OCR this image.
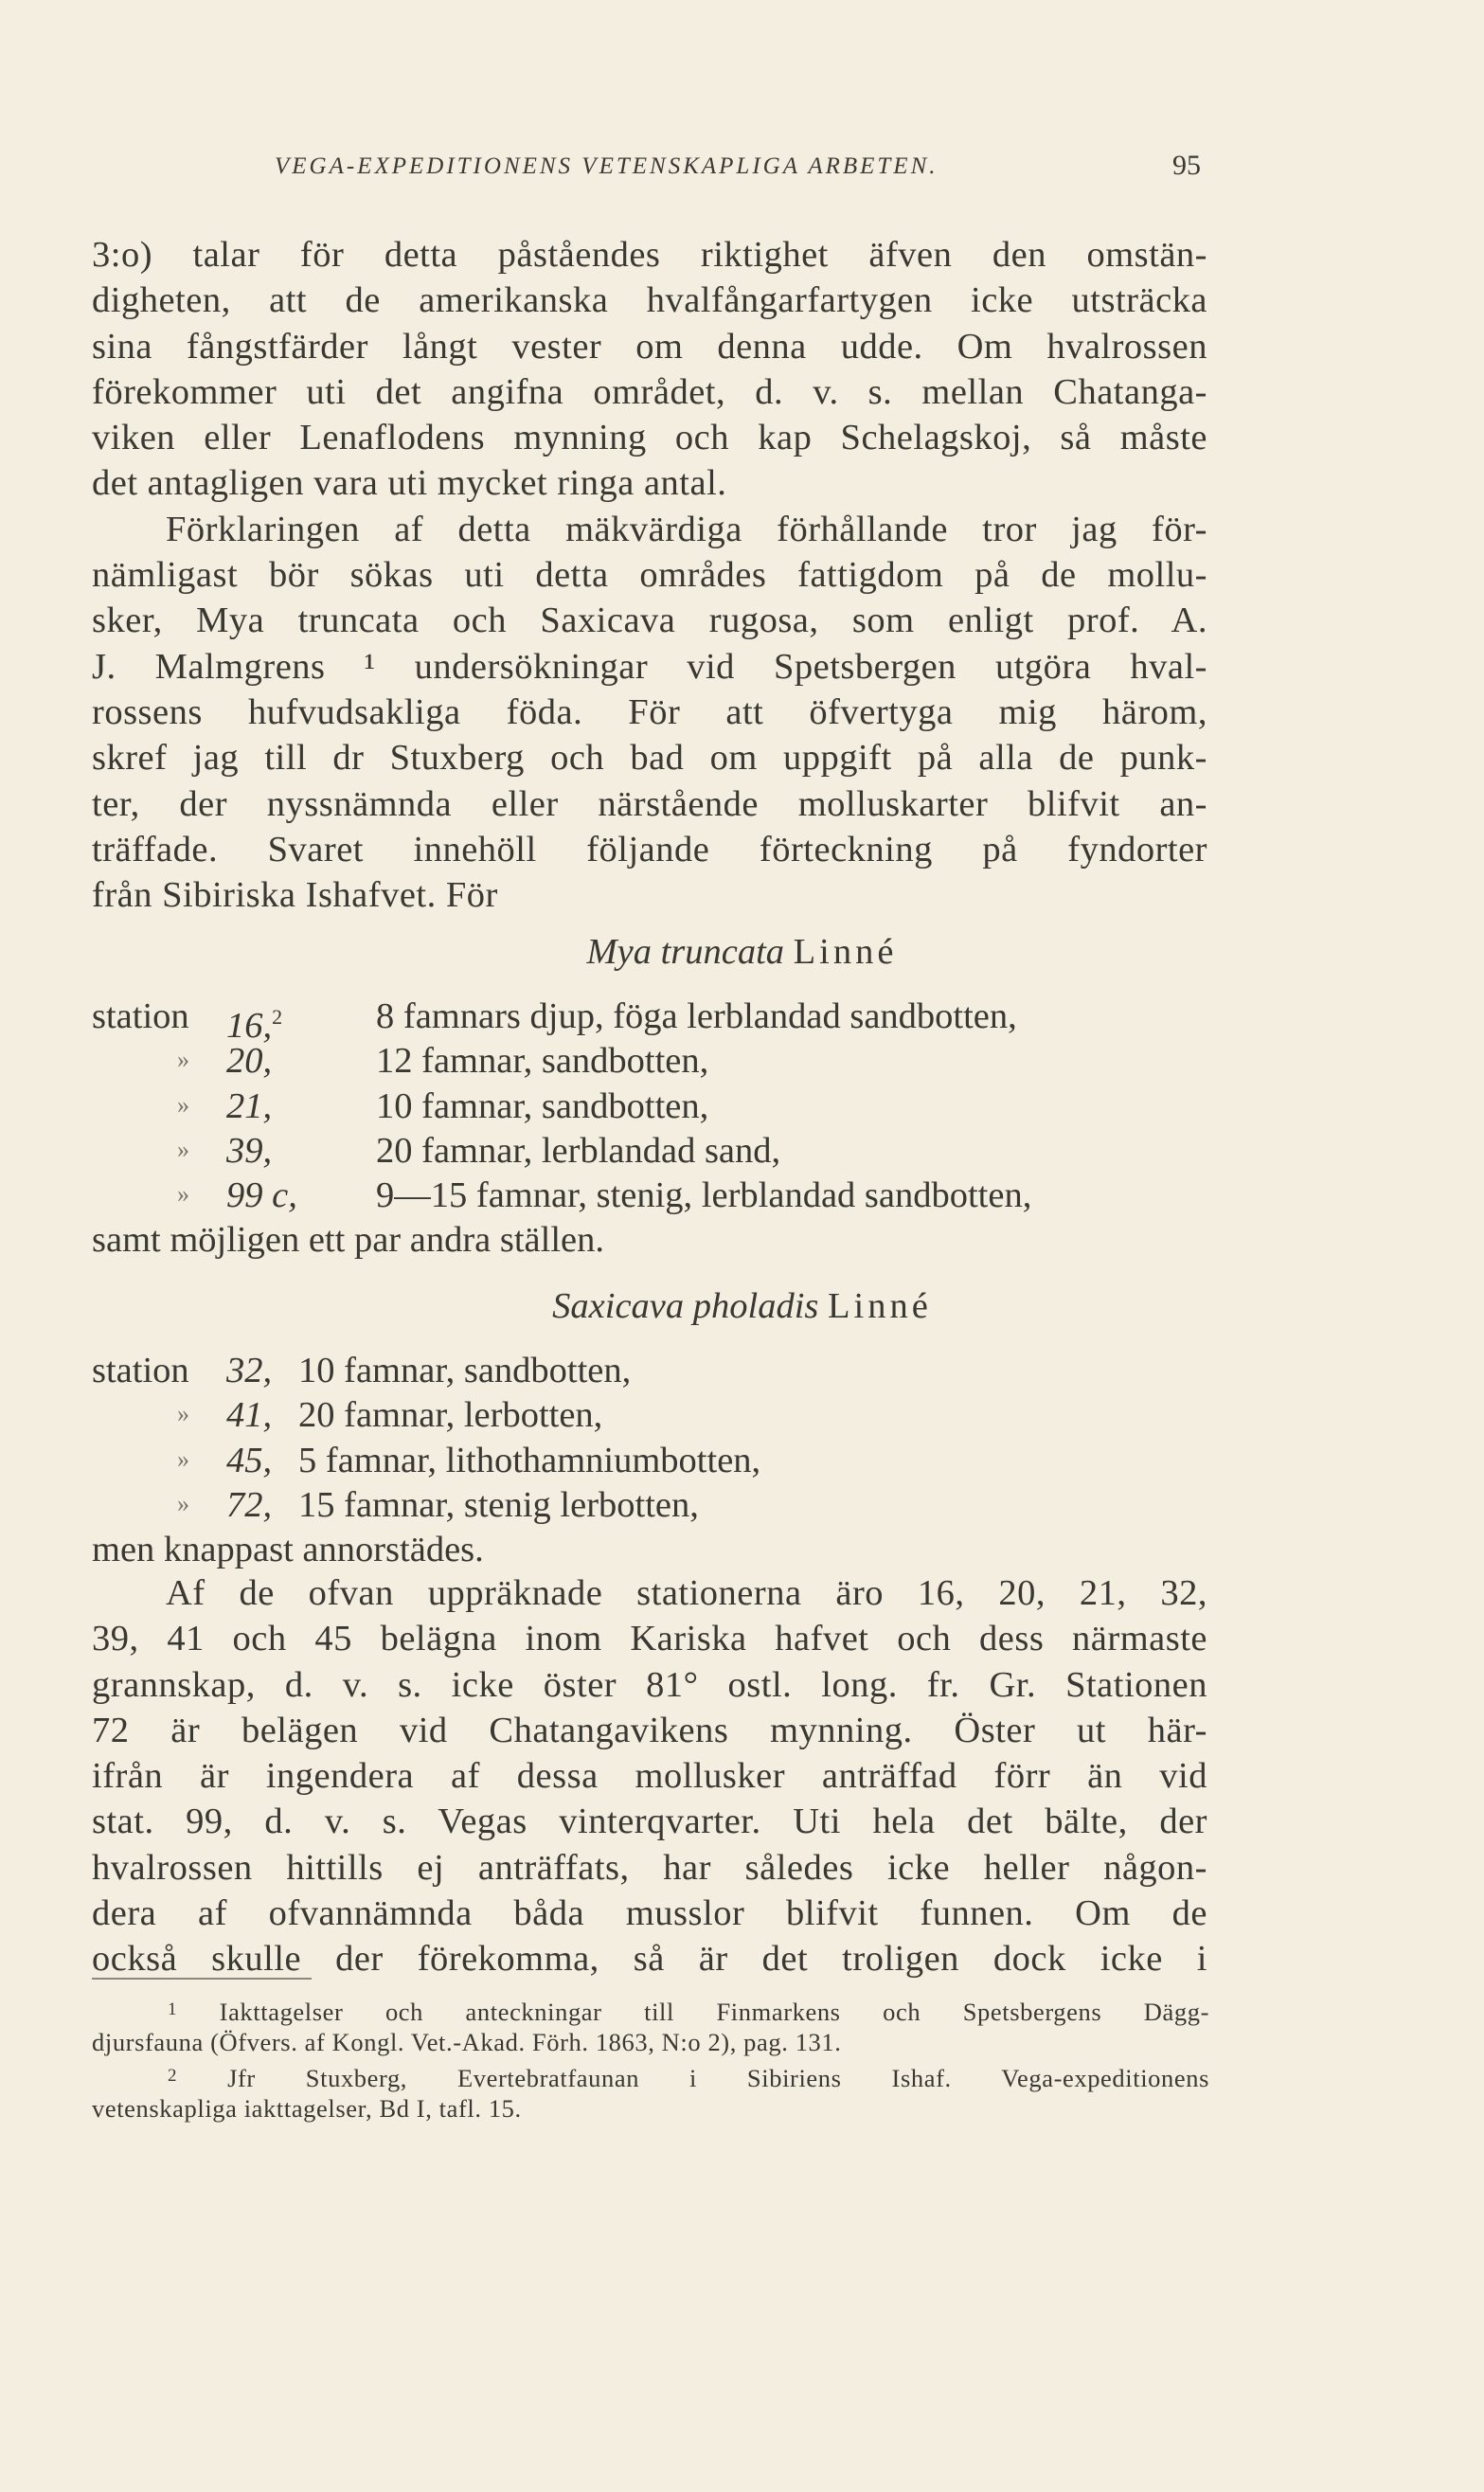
VEGA-EXPEDITIONENS VETENSKAPLIGA ARBETEN.	95
3:o) talar för detta påståendes riktighet äfven den omstän-
digheten, att de amerikanska hvalfångarfartygen icke utsträcka
sina fångstfärder långt vester om denna udde. Om hvalrossen
förekommer uti det angifna området, d. v. s. mellan Chatanga-
viken eller Lenaflodens mynning och kap Schelagskoj, så måste
det antagligen vara uti mycket ringa antal.
Förklaringen af detta mäkvärdiga förhållande tror jag för-
nämligast bör sökas uti detta områdes fattigdom på de mollu-
sker, Mya truncata och Saxicava rugosa, som enligt prof. A.
J. Malmgrens ¹ undersökningar vid Spetsbergen utgöra hval-
rossens hufvudsakliga föda. För att öfvertyga mig härom,
skref jag till dr Stuxberg och bad om uppgift på alla de punk-
ter, der nyssnämnda eller närstående molluskarter blifvit an-
träffade. Svaret innehöll följande förteckning på fyndorter
från Sibiriska Ishafvet. För
Mya truncata Linné
station 16,$^2$	8 famnars djup, föga lerblandad sandbotten,
» 20,	12 famnar, sandbotten,
» 21,	10 famnar, sandbotten,
» 39,	20 famnar, lerblandad sand,
» 99 c, 9—15 famnar, stenig, lerblandad sandbotten,
samt möjligen ett par andra ställen.
Saxicava pholadis Linné
station 32, 10 famnar, sandbotten,
» 41, 20 famnar, lerbotten,
» 45, 5 famnar, lithothamniumbotten,
» 72, 15 famnar, stenig lerbotten,
men knappast annorstädes.
Af de ofvan uppräknade stationerna äro 16, 20, 21, 32,
39, 41 och 45 belägna inom Kariska hafvet och dess närmaste
grannskap, d. v. s. icke öster 81° ostl. long. fr. Gr. Stationen
72 är belägen vid Chatangavikens mynning. Öster ut här-
ifrån är ingendera af dessa mollusker anträffad förr än vid
stat. 99, d. v. s. Vegas vinterqvarter. Uti hela det bälte, der
hvalrossen hittills ej anträffats, har således icke heller någon-
dera af ofvannämnda båda musslor blifvit funnen. Om de
också skulle der förekomma, så är det troligen dock icke i
$^1$ Iakttagelser och anteckningar till Finmarkens och Spetsbergens Dägg-
djursfauna (Öfvers. af Kongl. Vet.-Akad. Förh. 1863, N:o 2), pag. 131.
$^2$ Jfr Stuxberg, Evertebratfaunan i Sibiriens Ishaf. Vega-expeditionens
vetenskapliga iakttagelser, Bd I, tafl. 15.
